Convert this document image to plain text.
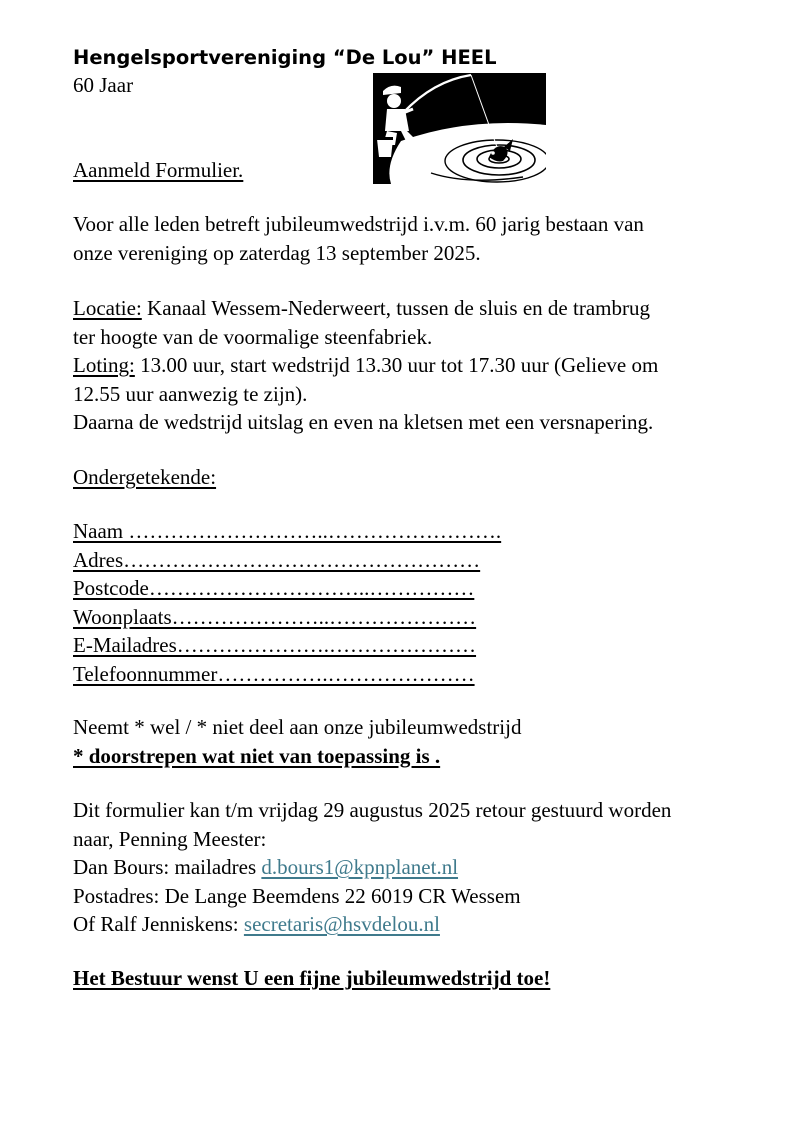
Hengelsportvereniging “De Lou” HEEL
60 Jaar
Aanmeld Formulier.
Voor alle leden betreft jubileumwedstrijd i.v.m. 60 jarig bestaan van
onze vereniging op zaterdag 13 september 2025.
Locatie: Kanaal Wessem-Nederweert, tussen de sluis en de trambrug
ter hoogte van de voormalige steenfabriek.
Loting: 13.00 uur, start wedstrijd 13.30 uur tot 17.30 uur (Gelieve om
12.55 uur aanwezig te zijn).
Daarna de wedstrijd uitslag en even na kletsen met een versnapering.
Ondergetekende:
Naam ………………………..…………………….
Adres……………………………………………
Postcode…………………………..……………
Woonplaats…………………..…………………
E-Mailadres………………….…………………
Telefoonnummer…………….…………………
Neemt * wel / * niet deel aan onze jubileumwedstrijd
* doorstrepen wat niet van toepassing is .
Dit formulier kan t/m vrijdag 29 augustus 2025 retour gestuurd worden
naar, Penning Meester:
Dan Bours: mailadres d.bours1@kpnplanet.nl
Postadres: De Lange Beemdens 22 6019 CR Wessem
Of Ralf Jenniskens: secretaris@hsvdelou.nl
Het Bestuur wenst U een fijne jubileumwedstrijd toe!
